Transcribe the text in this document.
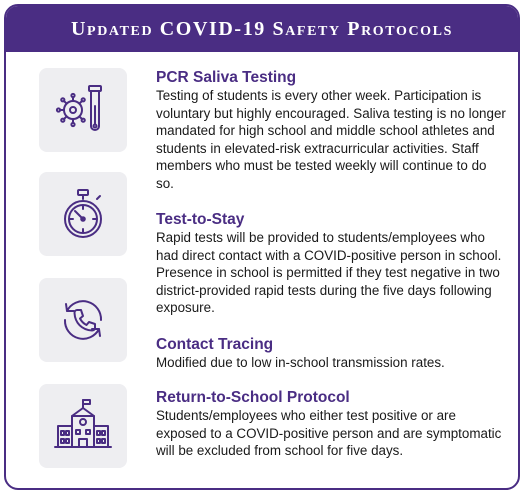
Updated COVID-19 Safety Protocols
PCR Saliva Testing

Testing of students is every other week. Participation is voluntary but highly encouraged. Saliva testing is no longer mandated for high school and middle school athletes and students in elevated-risk extracurricular activities. Staff members who must be tested weekly will continue to do so.

Test-to-Stay

Rapid tests will be provided to students/employees who had direct contact with a COVID-positive person in school. Presence in school is permitted if they test negative in two district-provided rapid tests during the five days following exposure.

Contact Tracing

Modified due to low in-school transmission rates.

Return-to-School Protocol

Students/employees who either test positive or are exposed to a COVID-positive person and are symptomatic will be excluded from school for five days.
